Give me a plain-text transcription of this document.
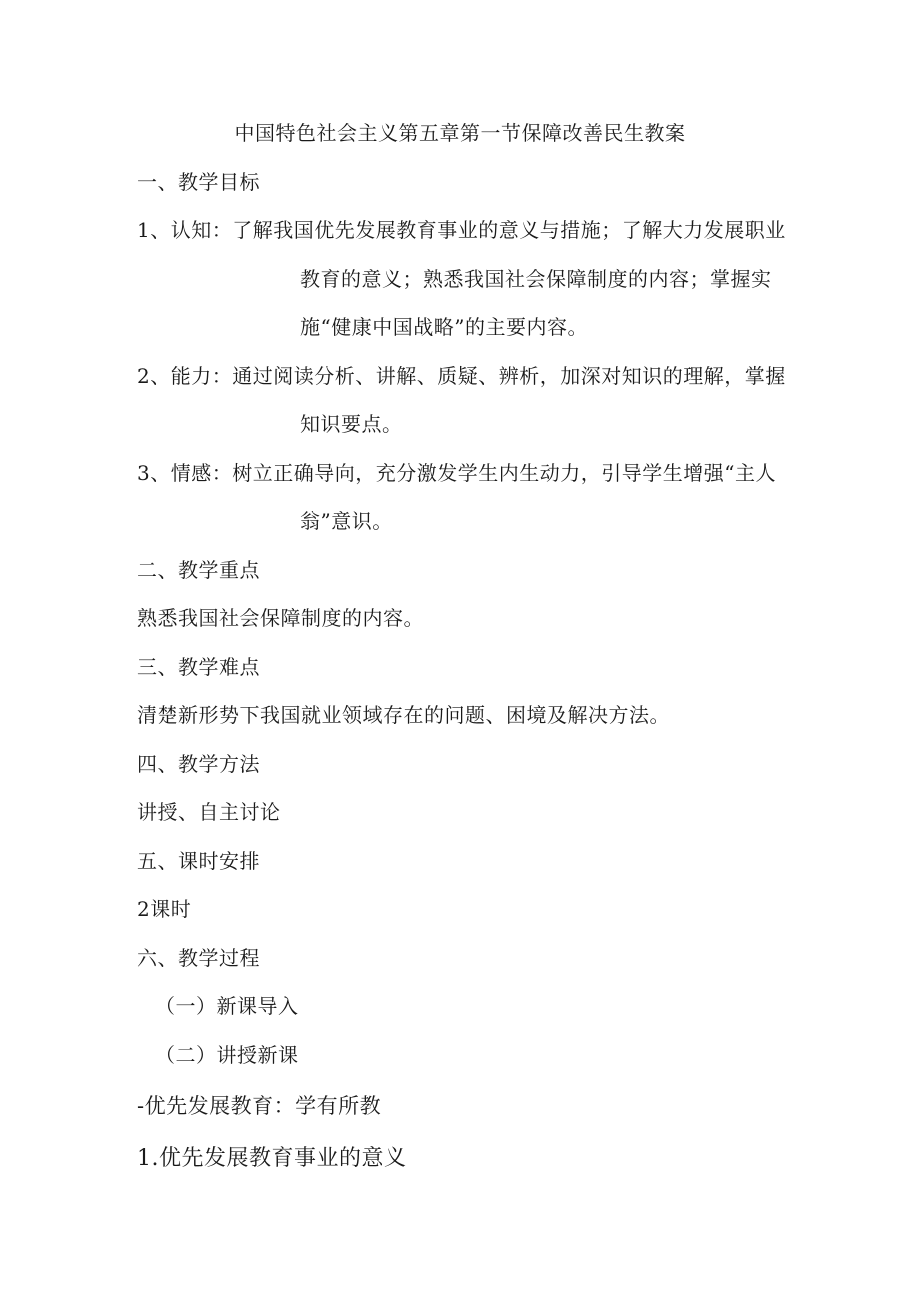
中国特色社会主义第五章第一节保障改善民生教案
一、教学目标
1、认知：了解我国优先发展教育事业的意义与措施；了解大力发展职业
教育的意义；熟悉我国社会保障制度的内容；掌握实
施“健康中国战略”的主要内容。
2、能力：通过阅读分析、讲解、质疑、辨析，加深对知识的理解，掌握
知识要点。
3、情感：树立正确导向，充分激发学生内生动力，引导学生增强“主人
翁”意识。
二、教学重点
熟悉我国社会保障制度的内容。
三、教学难点
清楚新形势下我国就业领域存在的问题、困境及解决方法。
四、教学方法
讲授、自主讨论
五、课时安排
2课时
六、教学过程
（一）新课导入
（二）讲授新课
-优先发展教育：学有所教
1.优先发展教育事业的意义
